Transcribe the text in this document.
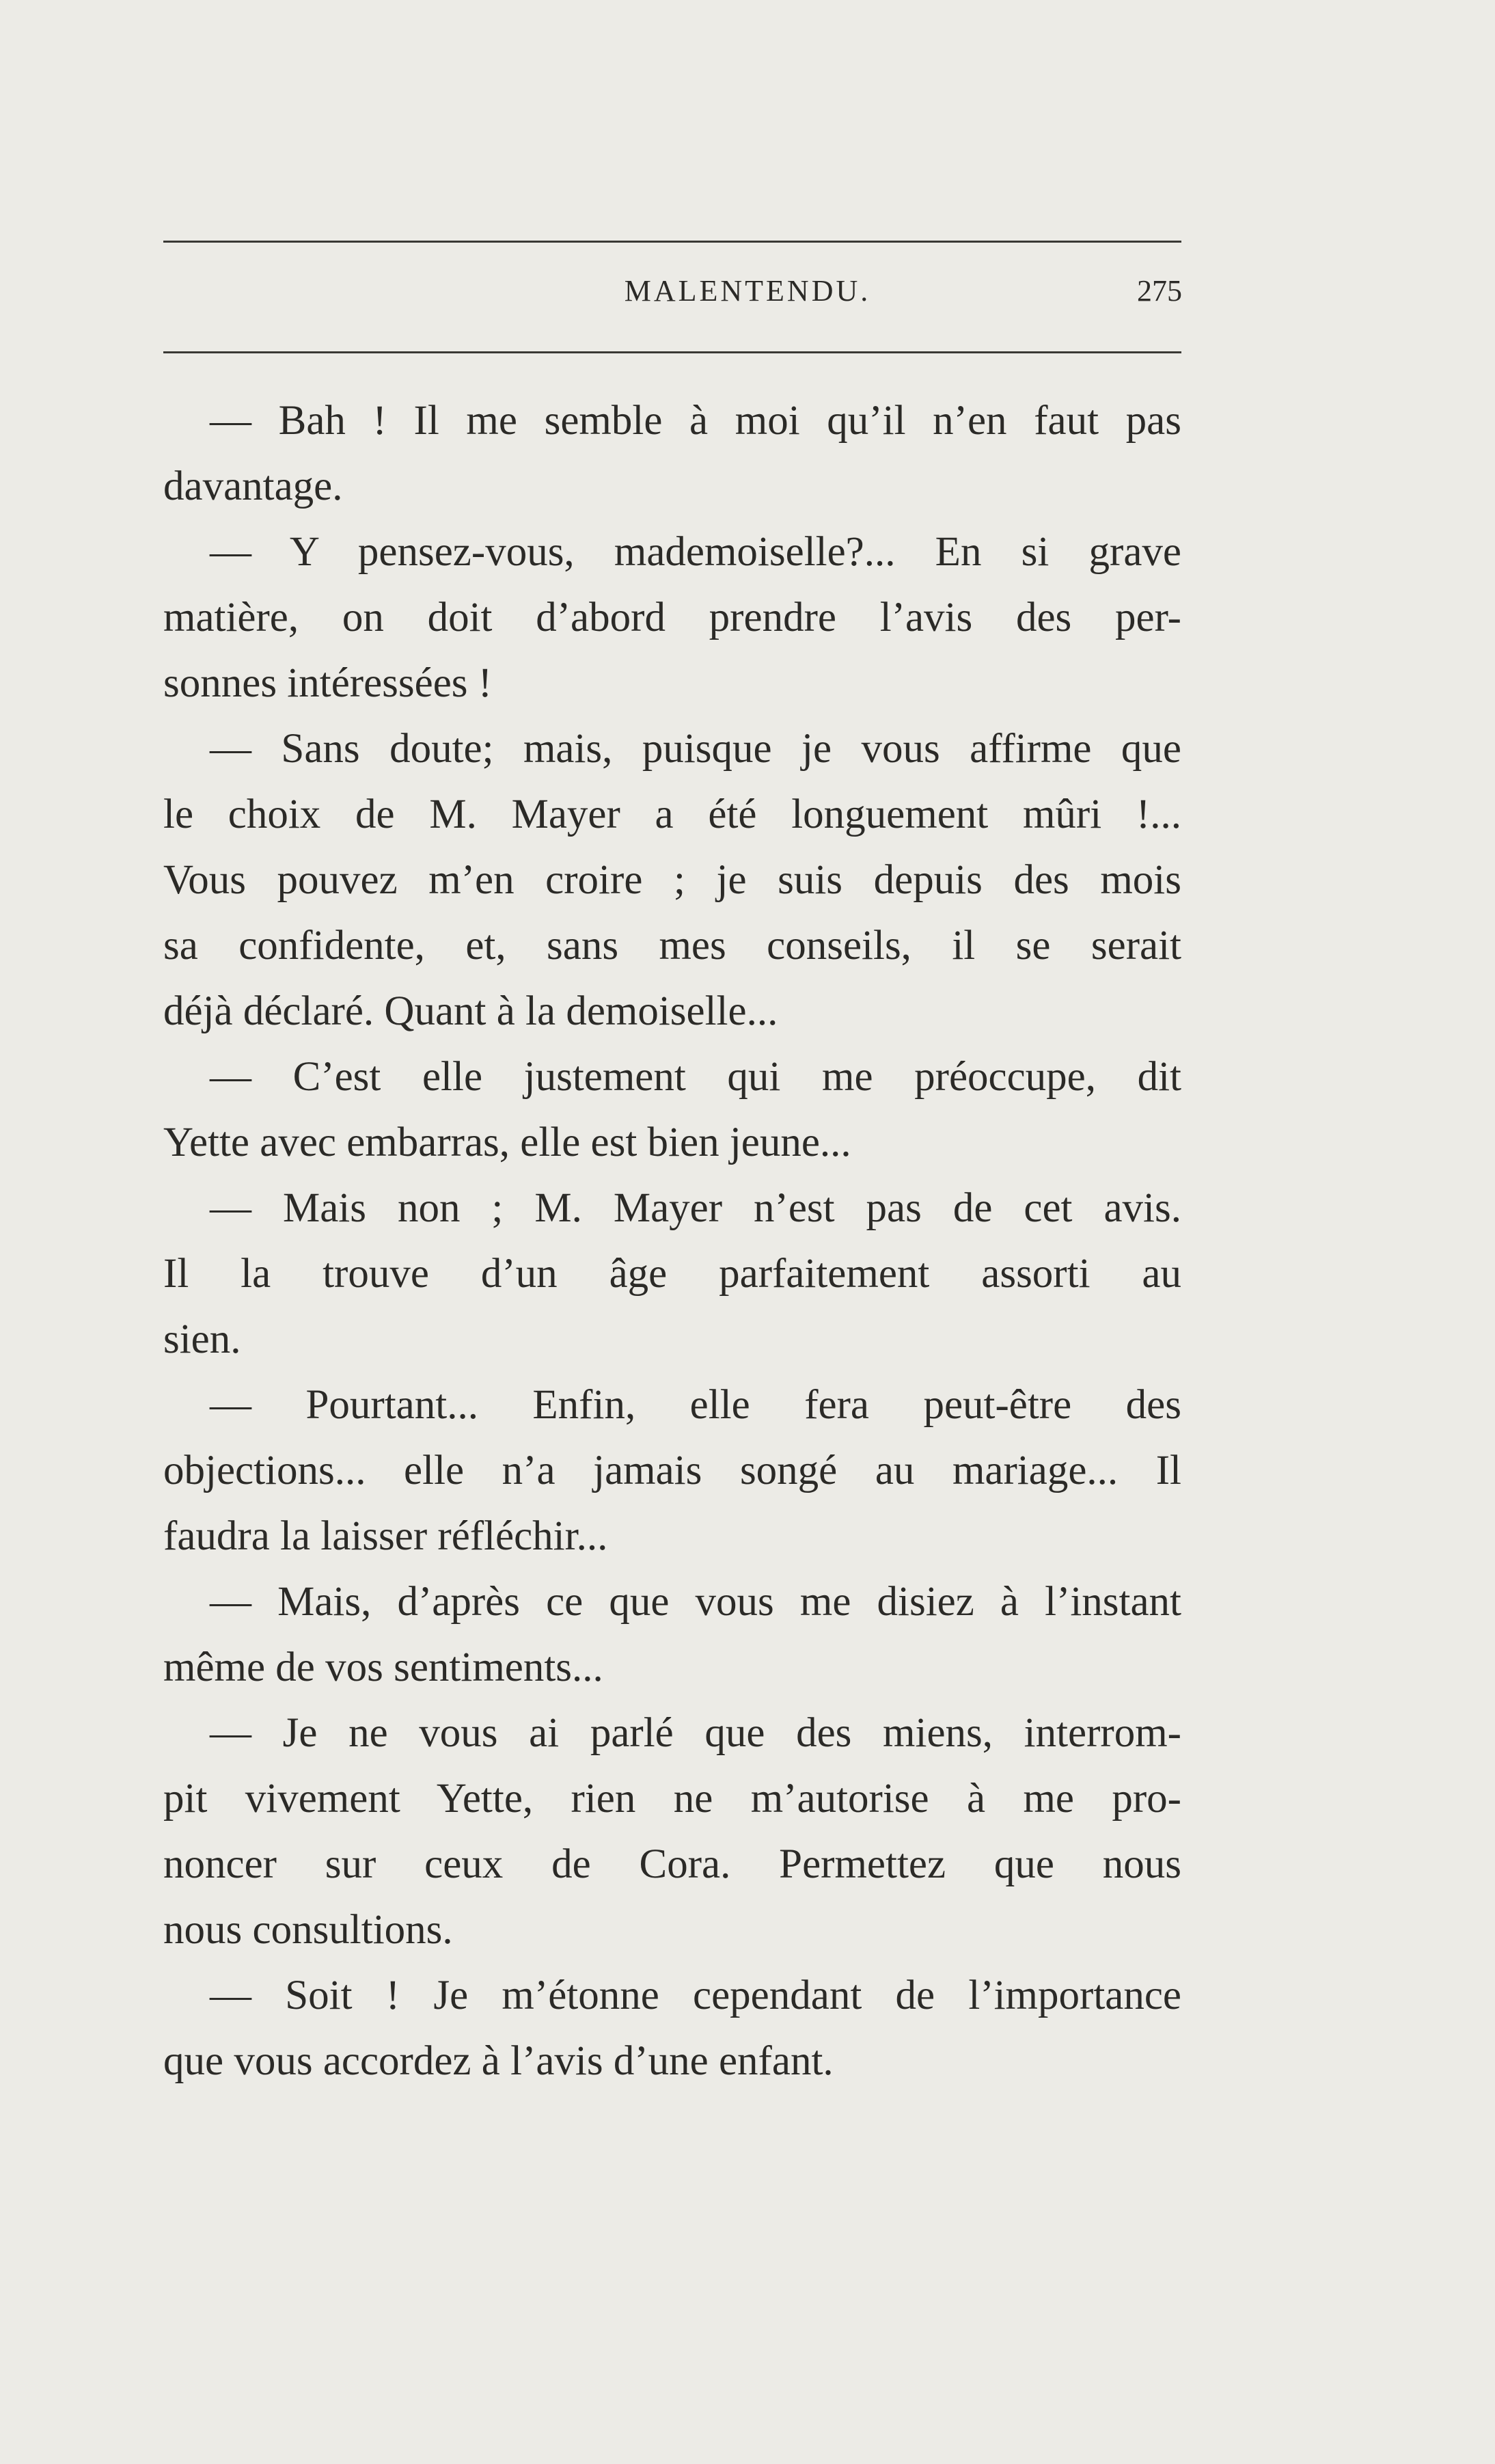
MALENTENDU.	275
— Bah ! Il me semble à moi qu’il n’en faut pas
davantage.
— Y pensez-vous, mademoiselle?... En si grave
matière, on doit d’abord prendre l’avis des per-
sonnes intéressées !
— Sans doute; mais, puisque je vous affirme que
le choix de M. Mayer a été longuement mûri !...
Vous pouvez m’en croire ; je suis depuis des mois
sa confidente, et, sans mes conseils, il se serait
déjà déclaré. Quant à la demoiselle...
— C’est elle justement qui me préoccupe, dit
Yette avec embarras, elle est bien jeune...
— Mais non ; M. Mayer n’est pas de cet avis.
Il la trouve d’un âge parfaitement assorti au
sien.
— Pourtant... Enfin, elle fera peut-être des
objections... elle n’a jamais songé au mariage... Il
faudra la laisser réfléchir...
— Mais, d’après ce que vous me disiez à l’instant
même de vos sentiments...
— Je ne vous ai parlé que des miens, interrom-
pit vivement Yette, rien ne m’autorise à me pro-
noncer sur ceux de Cora. Permettez que nous
nous consultions.
— Soit ! Je m’étonne cependant de l’importance
que vous accordez à l’avis d’une enfant.
